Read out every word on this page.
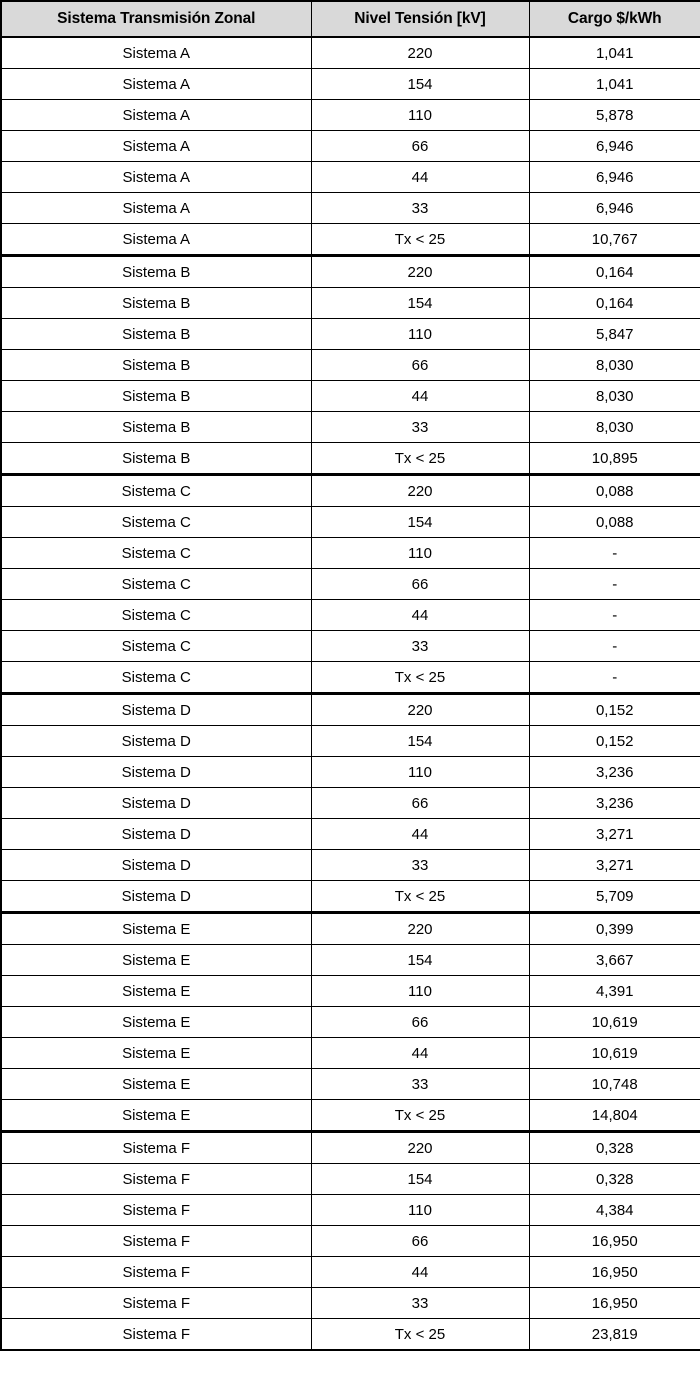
Sistema Transmisión Zonal	Nivel Tensión [kV]	Cargo $/kWh
Sistema A	220	1,041
Sistema A	154	1,041
Sistema A	110	5,878
Sistema A	66	6,946
Sistema A	44	6,946
Sistema A	33	6,946
Sistema A	Tx < 25	10,767
Sistema B	220	0,164
Sistema B	154	0,164
Sistema B	110	5,847
Sistema B	66	8,030
Sistema B	44	8,030
Sistema B	33	8,030
Sistema B	Tx < 25	10,895
Sistema C	220	0,088
Sistema C	154	0,088
Sistema C	110	-
Sistema C	66	-
Sistema C	44	-
Sistema C	33	-
Sistema C	Tx < 25	-
Sistema D	220	0,152
Sistema D	154	0,152
Sistema D	110	3,236
Sistema D	66	3,236
Sistema D	44	3,271
Sistema D	33	3,271
Sistema D	Tx < 25	5,709
Sistema E	220	0,399
Sistema E	154	3,667
Sistema E	110	4,391
Sistema E	66	10,619
Sistema E	44	10,619
Sistema E	33	10,748
Sistema E	Tx < 25	14,804
Sistema F	220	0,328
Sistema F	154	0,328
Sistema F	110	4,384
Sistema F	66	16,950
Sistema F	44	16,950
Sistema F	33	16,950
Sistema F	Tx < 25	23,819
